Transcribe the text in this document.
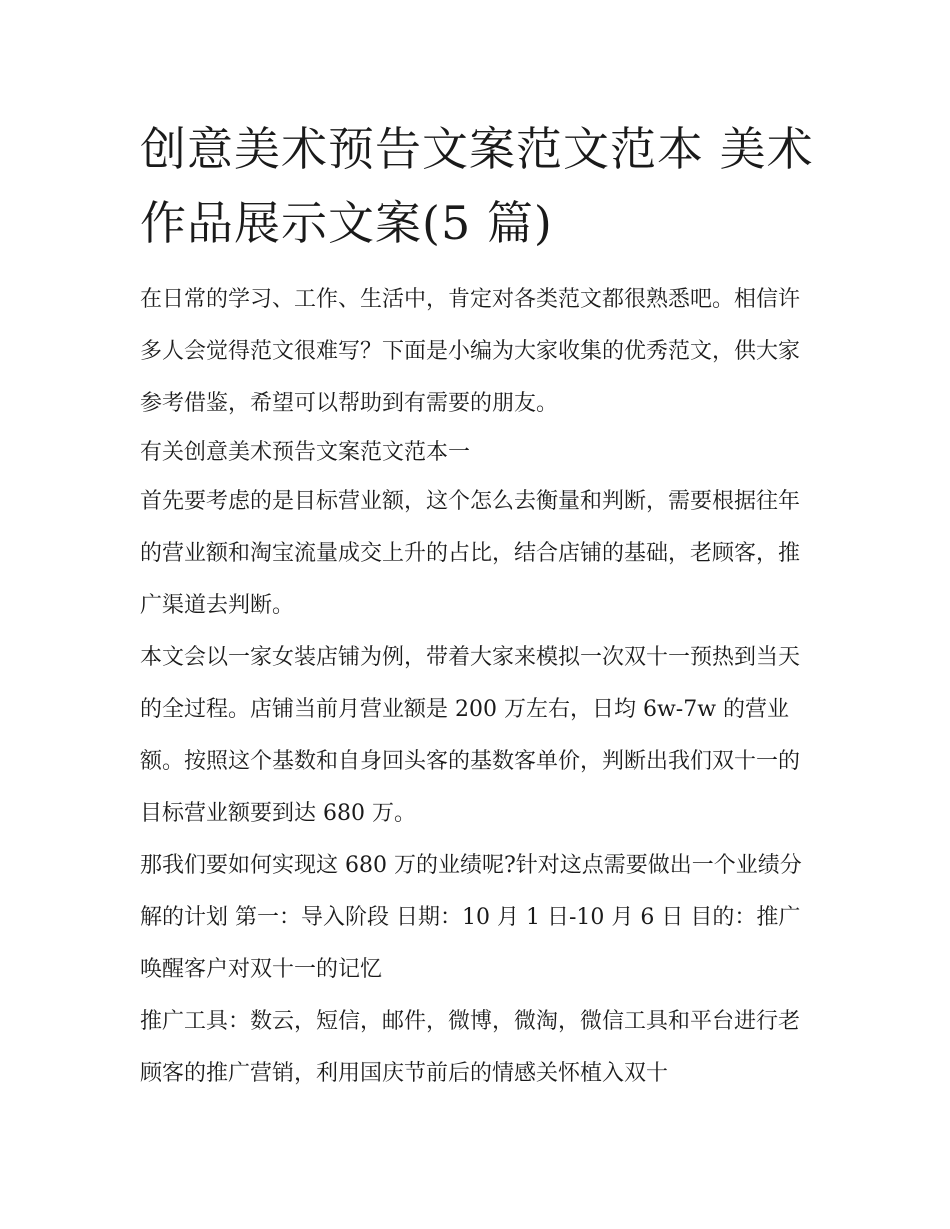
创意美术预告文案范文范本 美术作品展示文案(5 篇)

在日常的学习、工作、生活中，肯定对各类范文都很熟悉吧。相信许多人会觉得范文很难写？下面是小编为大家收集的优秀范文，供大家参考借鉴，希望可以帮助到有需要的朋友。

有关创意美术预告文案范文范本一

首先要考虑的是目标营业额，这个怎么去衡量和判断，需要根据往年的营业额和淘宝流量成交上升的占比，结合店铺的基础，老顾客，推广渠道去判断。

本文会以一家女装店铺为例，带着大家来模拟一次双十一预热到当天的全过程。店铺当前月营业额是 200 万左右，日均 6w-7w 的营业额。按照这个基数和自身回头客的基数客单价，判断出我们双十一的目标营业额要到达 680 万。

那我们要如何实现这 680 万的业绩呢?针对这点需要做出一个业绩分解的计划 第一：导入阶段 日期：10 月 1 日-10 月 6 日 目的：推广唤醒客户对双十一的记忆

推广工具：数云，短信，邮件，微博，微淘，微信工具和平台进行老顾客的推广营销，利用国庆节前后的情感关怀植入双十
